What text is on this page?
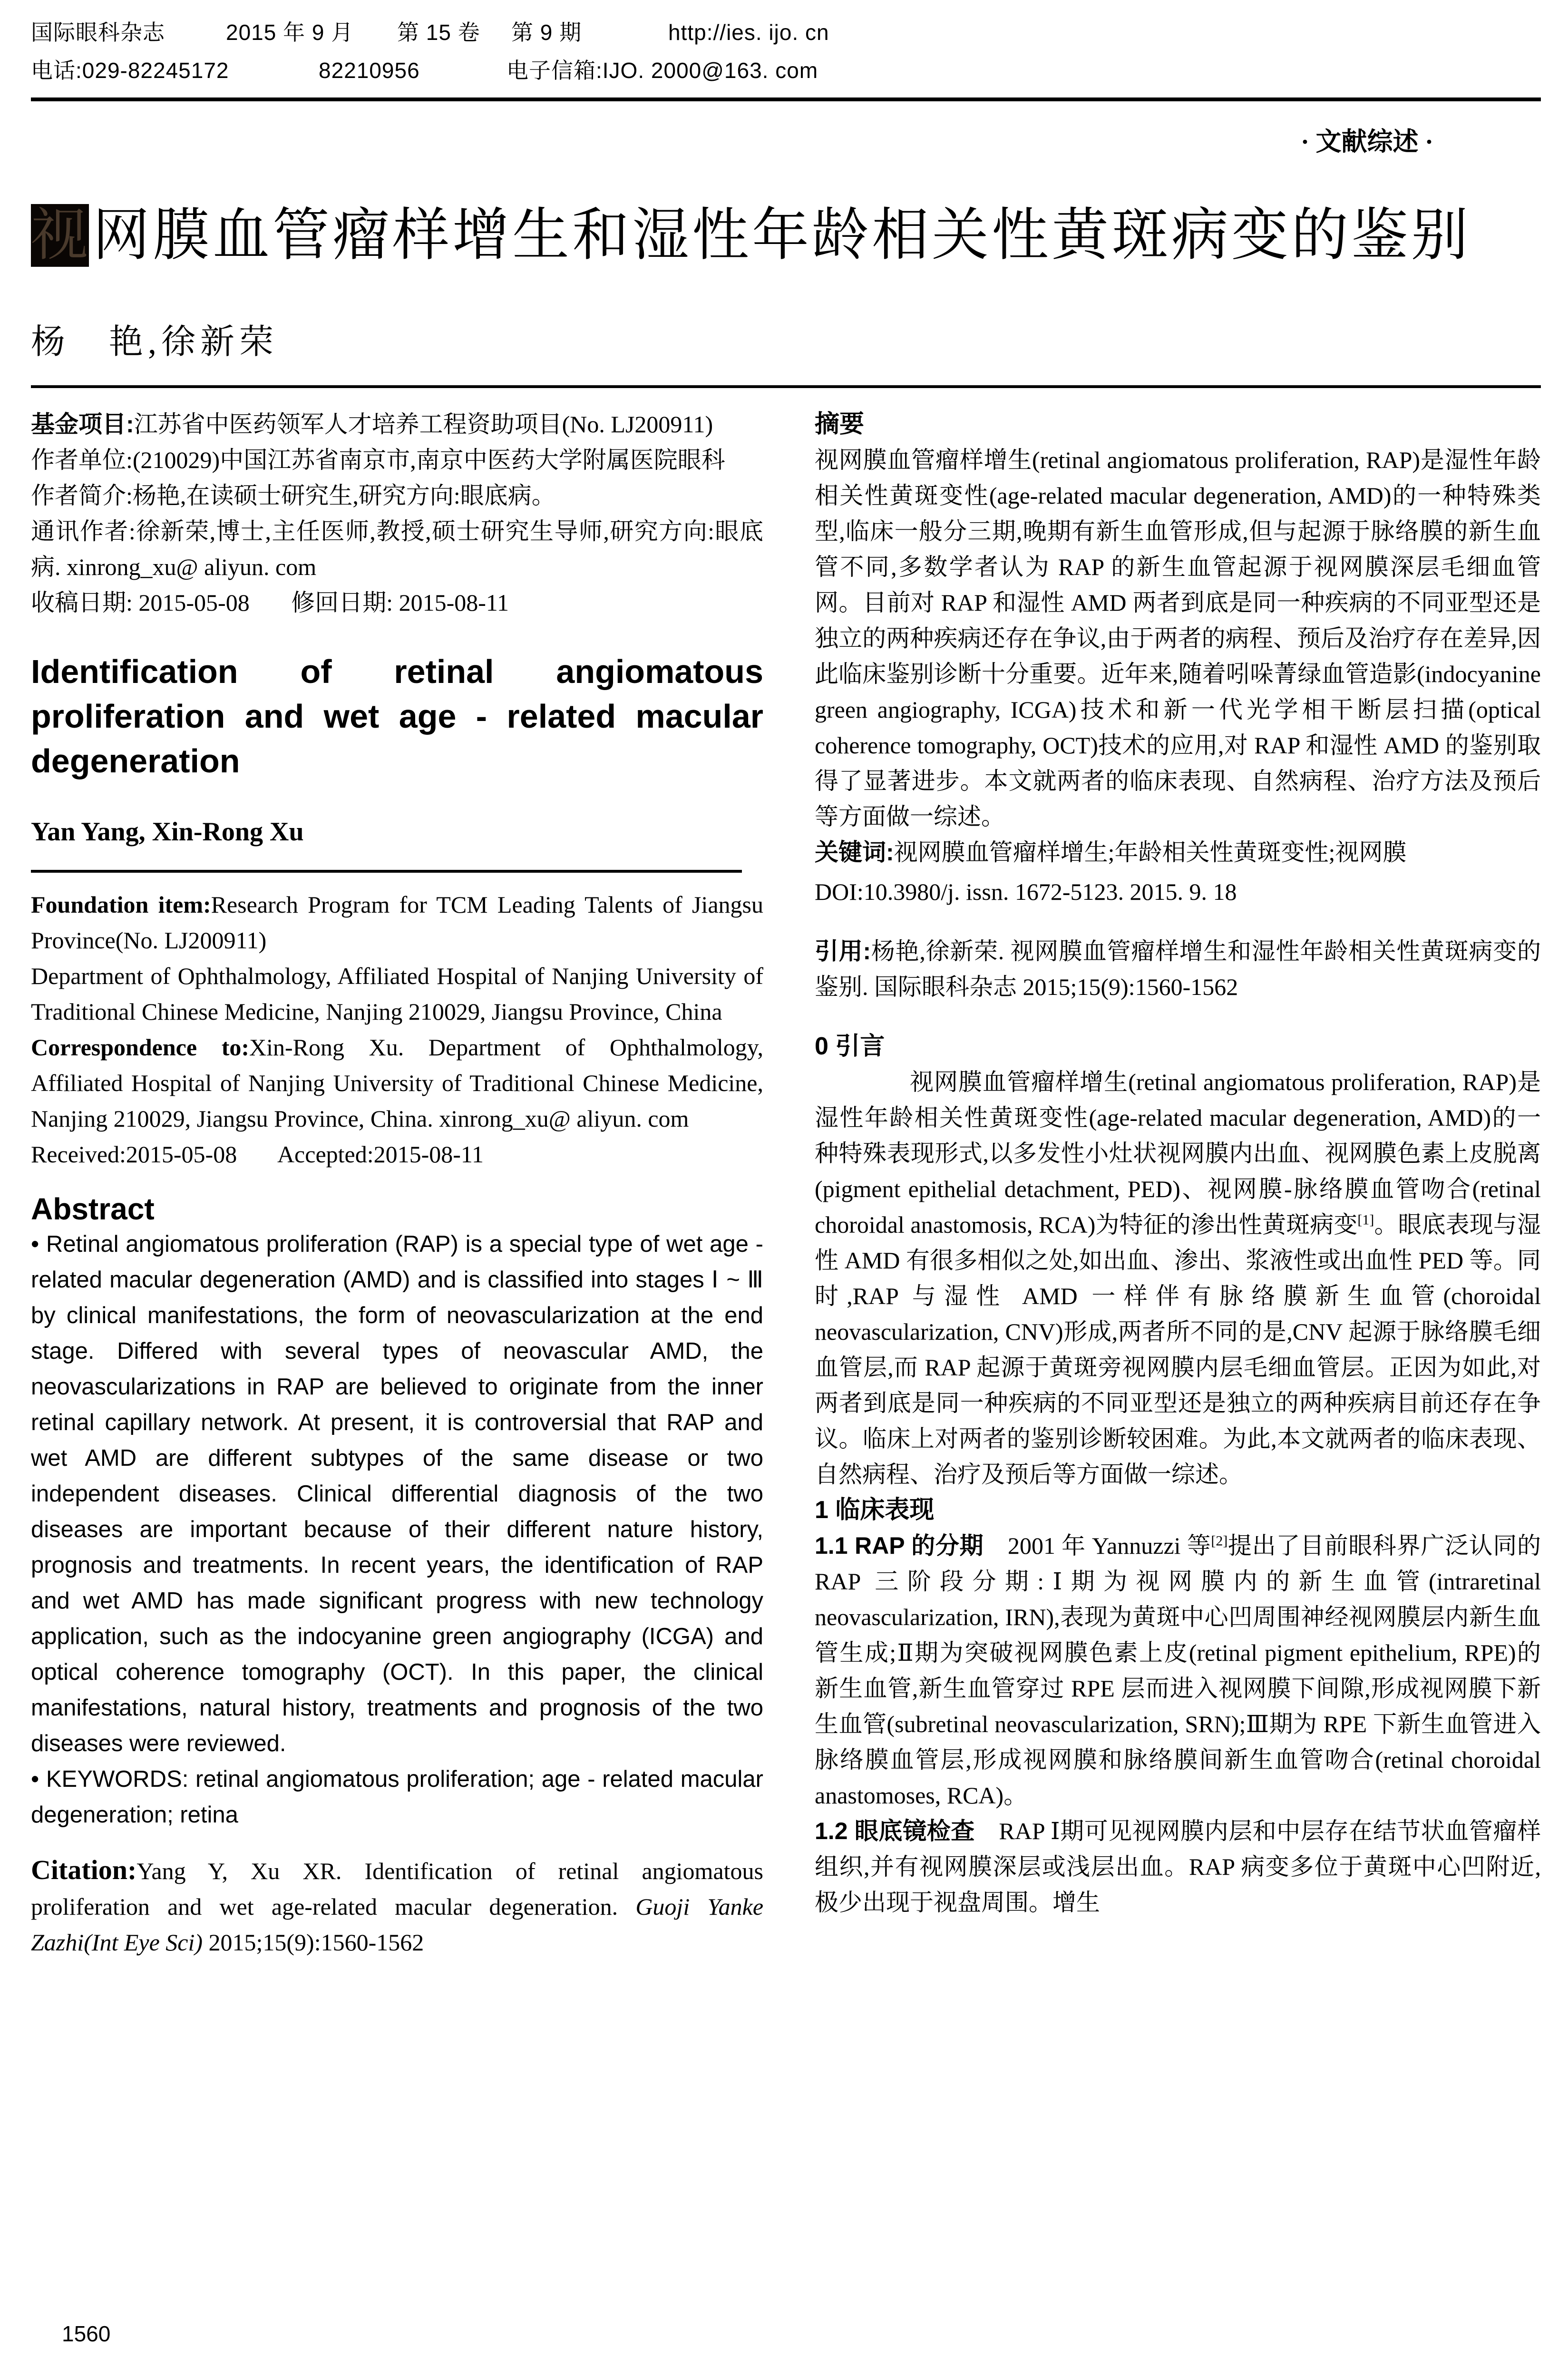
国际眼科杂志

	2015 年 9 月

第 15 卷

第 9 期

	http://ies. ijo. cn

电话:029-82245172

	82210956

	电子信箱:IJO. 2000@163. com

· 文献综述 ·
视 网膜血管瘤样增生和湿性年龄相关性黄斑病变的鉴别
杨　艳,徐新荣

基金项目:江苏省中医药领军人才培养工程资助项目(No. LJ200911)

作者单位:(210029)中国江苏省南京市,南京中医药大学附属医院眼科

作者简介:杨艳,在读硕士研究生,研究方向:眼底病。

通讯作者:徐新荣,博士,主任医师,教授,硕士研究生导师,研究方向:眼底病. xinrong_xu@ aliyun. com

收稿日期: 2015-05-08 修回日期: 2015-08-11

Identification of retinal angiomatous proliferation and wet age - related macular degeneration
Yan Yang, Xin-Rong Xu

Foundation item:Research Program for TCM Leading Talents of Jiangsu Province(No. LJ200911)

Department of Ophthalmology, Affiliated Hospital of Nanjing University of Traditional Chinese Medicine, Nanjing 210029, Jiangsu Province, China

Correspondence to:Xin-Rong Xu. Department of Ophthalmology, Affiliated Hospital of Nanjing University of Traditional Chinese Medicine, Nanjing 210029, Jiangsu Province, China. xinrong_xu@ aliyun. com

Received:2015-05-08 Accepted:2015-08-11

Abstract

• Retinal angiomatous proliferation (RAP) is a special type of wet age - related macular degeneration (AMD) and is classified into stages Ⅰ ~ Ⅲ by clinical manifestations, the form of neovascularization at the end stage. Differed with several types of neovascular AMD, the neovascularizations in RAP are believed to originate from the inner retinal capillary network. At present, it is controversial that RAP and wet AMD are different subtypes of the same disease or two independent diseases. Clinical differential diagnosis of the two diseases are important because of their different nature history, prognosis and treatments. In recent years, the identification of RAP and wet AMD has made significant progress with new technology application, such as the indocyanine green angiography (ICGA) and optical coherence tomography (OCT). In this paper, the clinical manifestations, natural history, treatments and prognosis of the two diseases were reviewed.

• KEYWORDS: retinal angiomatous proliferation; age - related macular degeneration; retina

Citation:Yang Y, Xu XR. Identification of retinal angiomatous proliferation and wet age-related macular degeneration. Guoji Yanke Zazhi(Int Eye Sci) 2015;15(9):1560-1562

1560
摘要

视网膜血管瘤样增生(retinal angiomatous proliferation, RAP)是湿性年龄相关性黄斑变性(age-related macular degeneration, AMD)的一种特殊类型,临床一般分三期,晚期有新生血管形成,但与起源于脉络膜的新生血管不同,多数学者认为 RAP 的新生血管起源于视网膜深层毛细血管网。目前对 RAP 和湿性 AMD 两者到底是同一种疾病的不同亚型还是独立的两种疾病还存在争议,由于两者的病程、预后及治疗存在差异,因此临床鉴别诊断十分重要。近年来,随着吲哚菁绿血管造影(indocyanine green angiography, ICGA)技术和新一代光学相干断层扫描(optical coherence tomography, OCT)技术的应用,对 RAP 和湿性 AMD 的鉴别取得了显著进步。本文就两者的临床表现、自然病程、治疗方法及预后等方面做一综述。

关键词:视网膜血管瘤样增生;年龄相关性黄斑变性;视网膜

DOI:10.3980/j. issn. 1672-5123. 2015. 9. 18

引用:杨艳,徐新荣. 视网膜血管瘤样增生和湿性年龄相关性黄斑病变的鉴别. 国际眼科杂志 2015;15(9):1560-1562

0 引言

视网膜血管瘤样增生(retinal angiomatous proliferation, RAP)是湿性年龄相关性黄斑变性(age-related macular degeneration, AMD)的一种特殊表现形式,以多发性小灶状视网膜内出血、视网膜色素上皮脱离(pigment epithelial detachment, PED)、视网膜-脉络膜血管吻合(retinal choroidal anastomosis, RCA)为特征的渗出性黄斑病变[1]。眼底表现与湿性 AMD 有很多相似之处,如出血、渗出、浆液性或出血性 PED 等。同时,RAP 与湿性 AMD 一样伴有脉络膜新生血管(choroidal neovascularization, CNV)形成,两者所不同的是,CNV 起源于脉络膜毛细血管层,而 RAP 起源于黄斑旁视网膜内层毛细血管层。正因为如此,对两者到底是同一种疾病的不同亚型还是独立的两种疾病目前还存在争议。临床上对两者的鉴别诊断较困难。为此,本文就两者的临床表现、自然病程、治疗及预后等方面做一综述。

1 临床表现

1.1 RAP 的分期　 2001 年 Yannuzzi 等[2]提出了目前眼科界广泛认同的 RAP 三阶段分期:Ⅰ期为视网膜内的新生血管(intraretinal neovascularization, IRN),表现为黄斑中心凹周围神经视网膜层内新生血管生成;Ⅱ期为突破视网膜色素上皮(retinal pigment epithelium, RPE)的新生血管,新生血管穿过 RPE 层而进入视网膜下间隙,形成视网膜下新生血管(subretinal neovascularization, SRN);Ⅲ期为 RPE 下新生血管进入脉络膜血管层,形成视网膜和脉络膜间新生血管吻合(retinal choroidal anastomoses, RCA)。

1.2 眼底镜检查　 RAP Ⅰ期可见视网膜内层和中层存在结节状血管瘤样组织,并有视网膜深层或浅层出血。RAP 病变多位于黄斑中心凹附近,极少出现于视盘周围。增生
